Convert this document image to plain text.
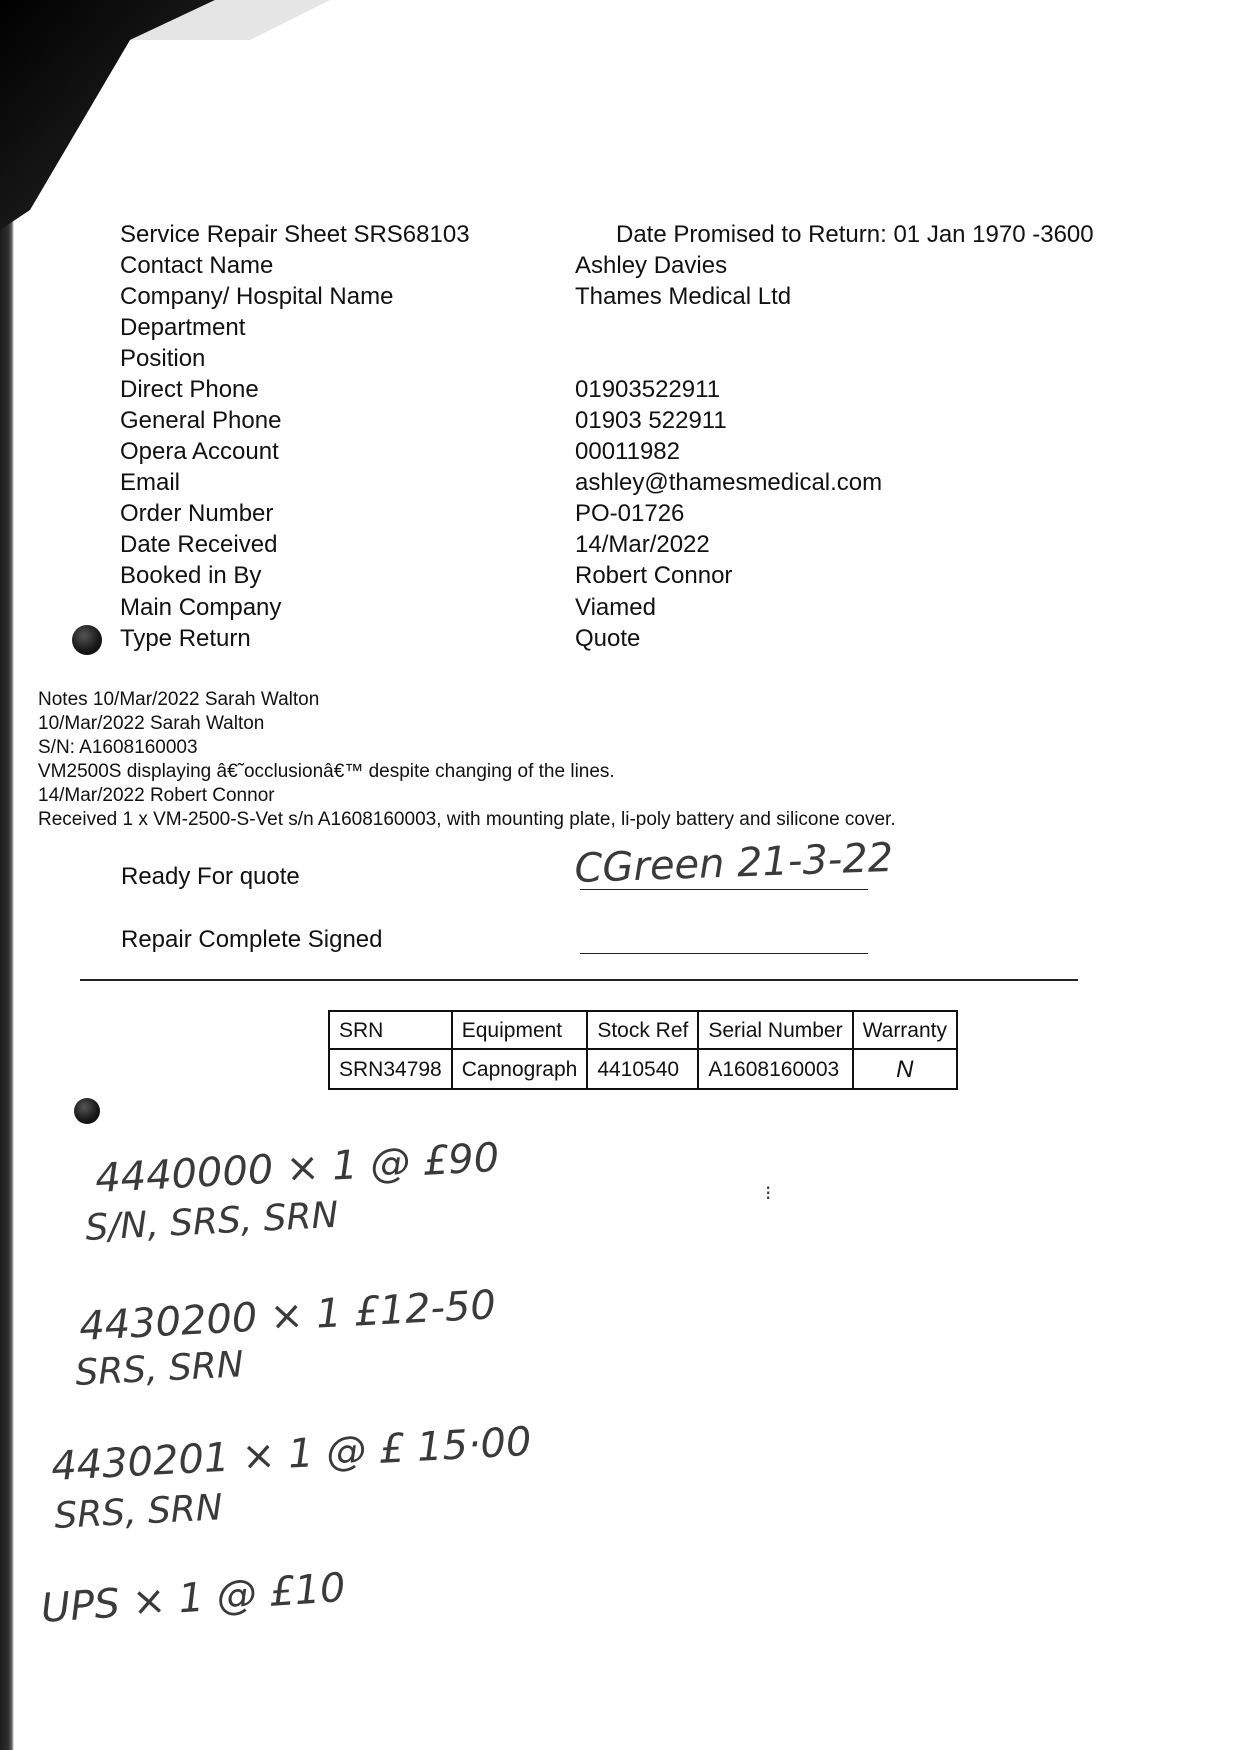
Service Repair Sheet SRS68103	Date Promised to Return: 01 Jan 1970 -3600
Contact Name	Ashley Davies
Company/ Hospital Name	Thames Medical Ltd
Department
Position
Direct Phone	01903522911
General Phone	01903 522911
Opera Account	00011982
Email	ashley@thamesmedical.com
Order Number	PO-01726
Date Received	14/Mar/2022
Booked in By	Robert Connor
Main Company	Viamed
Type Return	Quote
Notes 10/Mar/2022 Sarah Walton
10/Mar/2022 Sarah Walton
S/N: A1608160003
VM2500S displaying â€˜occlusionâ€™ despite changing of the lines.
14/Mar/2022 Robert Connor
Received 1 x VM-2500-S-Vet s/n A1608160003, with mounting plate, li-poly battery and silicone cover.
Ready For quote
Repair Complete Signed
SRN	Equipment	Stock Ref	Serial Number	Warranty
SRN34798	Capnograph	4410540	A1608160003	N
CGreen 21-3-22
4440000 × 1 @ £90
S/N, SRS, SRN
4430200 × 1 £12-50
SRS, SRN
4430201 × 1 @ £ 15·00
SRS, SRN
UPS × 1 @ £10
⁝
